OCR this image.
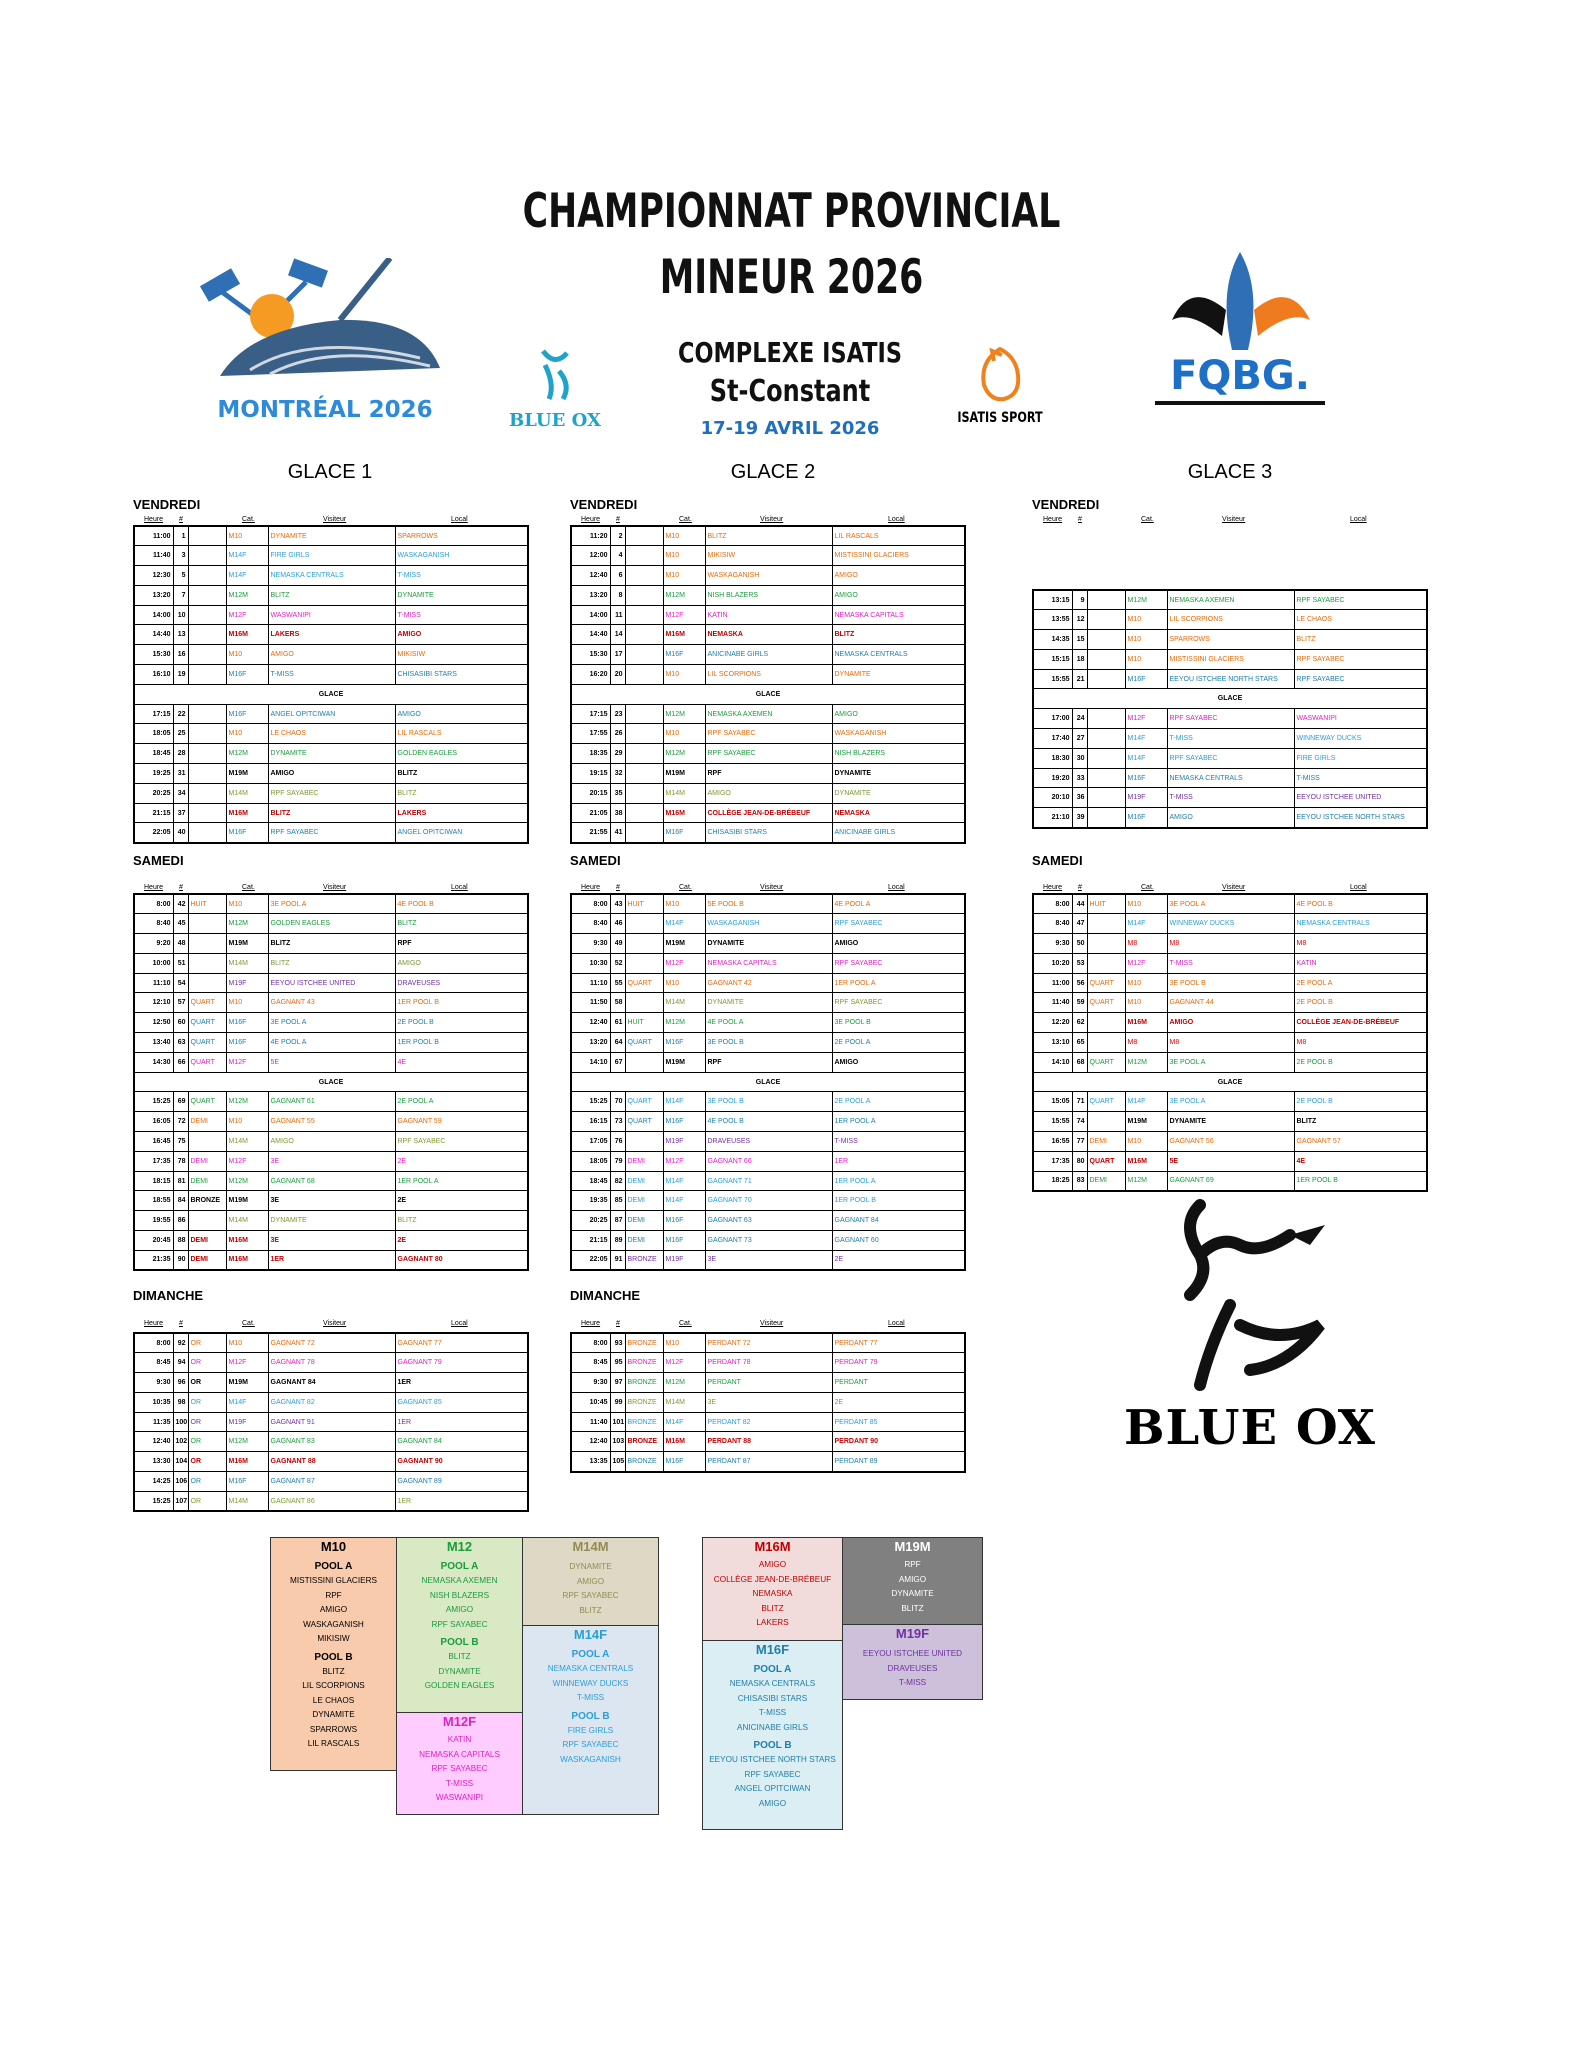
CHAMPIONNAT PROVINCIAL
MINEUR 2026
COMPLEXE ISATIS
St-Constant
17-19 AVRIL 2026
MONTRÉAL 2026	BLUE OX	ISATIS SPORT
FQBG.
GLACE 1	GLACE 2	GLACE 3
VENDREDI
Heure #	Cat.	Visiteur	Local
11:00	1		M10	DYNAMITE	SPARROWS
11:40	3		M14F	FIRE GIRLS	WASKAGANISH
12:30	5		M14F	NEMASKA CENTRALS	T-MISS
13:20	7		M12M	BLITZ	DYNAMITE
14:00	10		M12F	WASWANIPI	T-MISS
14:40	13		M16M	LAKERS	AMIGO
15:30	16		M10	AMIGO	MIKISIW
16:10	19		M16F	T-MISS	CHISASIBI STARS
GLACE					
17:15	22		M16F	ANGEL OPITCIWAN	AMIGO
18:05	25		M10	LE CHAOS	LIL RASCALS
18:45	28		M12M	DYNAMITE	GOLDEN EAGLES
19:25	31		M19M	AMIGO	BLITZ
20:25	34		M14M	RPF SAYABEC	BLITZ
21:15	37		M16M	BLITZ	LAKERS
22:05	40		M16F	RPF SAYABEC	ANGEL OPITCIWAN
SAMEDI
Heure #	Cat.	Visiteur	Local
8:00	42	HUIT	M10	3E POOL A	4E POOL B
8:40	45		M12M	GOLDEN EAGLES	BLITZ
9:20	48		M19M	BLITZ	RPF
10:00	51		M14M	BLITZ	AMIGO
11:10	54		M19F	EEYOU ISTCHEE UNITED	DRAVEUSES
12:10	57	QUART	M10	GAGNANT 43	1ER POOL B
12:50	60	QUART	M16F	3E POOL A	2E POOL B
13:40	63	QUART	M16F	4E POOL A	1ER POOL B
14:30	66	QUART	M12F	5E	4E
GLACE					
15:25	69	QUART	M12M	GAGNANT 61	2E POOL A
16:05	72	DEMI	M10	GAGNANT 55	GAGNANT 59
16:45	75		M14M	AMIGO	RPF SAYABEC
17:35	78	DEMI	M12F	3E	2E
18:15	81	DEMI	M12M	GAGNANT 68	1ER POOL A
18:55	84	BRONZE	M19M	3E	2E
19:55	86		M14M	DYNAMITE	BLITZ
20:45	88	DEMI	M16M	3E	2E
21:35	90	DEMI	M16M	1ER	GAGNANT 80
DIMANCHE
Heure #	Cat.	Visiteur	Local
8:00	92	OR	M10	GAGNANT 72	GAGNANT 77
8:45	94	OR	M12F	GAGNANT 78	GAGNANT 79
9:30	96	OR	M19M	GAGNANT 84	1ER
10:35	98	OR	M14F	GAGNANT 82	GAGNANT 85
11:35	100	OR	M19F	GAGNANT 91	1ER
12:40	102	OR	M12M	GAGNANT 83	GAGNANT 84
13:30	104	OR	M16M	GAGNANT 88	GAGNANT 90
14:25	106	OR	M16F	GAGNANT 87	GAGNANT 89
15:25	107	OR	M14M	GAGNANT 86	1ER
VENDREDI
Heure #	Cat.	Visiteur	Local
11:20	2		M10	BLITZ	LIL RASCALS
12:00	4		M10	MIKISIW	MISTISSINI GLACIERS
12:40	6		M10	WASKAGANISH	AMIGO
13:20	8		M12M	NISH BLAZERS	AMIGO
14:00	11		M12F	KATIN	NEMASKA CAPITALS
14:40	14		M16M	NEMASKA	BLITZ
15:30	17		M16F	ANICINABE GIRLS	NEMASKA CENTRALS
16:20	20		M10	LIL SCORPIONS	DYNAMITE
GLACE					
17:15	23		M12M	NEMASKA AXEMEN	AMIGO
17:55	26		M10	RPF SAYABEC	WASKAGANISH
18:35	29		M12M	RPF SAYABEC	NISH BLAZERS
19:15	32		M19M	RPF	DYNAMITE
20:15	35		M14M	AMIGO	DYNAMITE
21:05	38		M16M	COLLÈGE JEAN-DE-BRÉBEUF	NEMASKA
21:55	41		M16F	CHISASIBI STARS	ANICINABE GIRLS
SAMEDI
Heure #	Cat.	Visiteur	Local
8:00	43	HUIT	M10	5E POOL B	4E POOL A
8:40	46		M14F	WASKAGANISH	RPF SAYABEC
9:30	49		M19M	DYNAMITE	AMIGO
10:30	52		M12F	NEMASKA CAPITALS	RPF SAYABEC
11:10	55	QUART	M10	GAGNANT 42	1ER POOL A
11:50	58		M14M	DYNAMITE	RPF SAYABEC
12:40	61	HUIT	M12M	4E POOL A	3E POOL B
13:20	64	QUART	M16F	3E POOL B	2E POOL A
14:10	67		M19M	RPF	AMIGO
GLACE					
15:25	70	QUART	M14F	3E POOL B	2E POOL A
16:15	73	QUART	M16F	4E POOL B	1ER POOL A
17:05	76		M19F	DRAVEUSES	T-MISS
18:05	79	DEMI	M12F	GAGNANT 66	1ER
18:45	82	DEMI	M14F	GAGNANT 71	1ER POOL A
19:35	85	DEMI	M14F	GAGNANT 70	1ER POOL B
20:25	87	DEMI	M16F	GAGNANT 63	GAGNANT 84
21:15	89	DEMI	M16F	GAGNANT 73	GAGNANT 60
22:05	91	BRONZE	M19F	3E	2E
DIMANCHE
Heure #	Cat.	Visiteur	Local
8:00	93	BRONZE	M10	PERDANT 72	PERDANT 77
8:45	95	BRONZE	M12F	PERDANT 78	PERDANT 79
9:30	97	BRONZE	M12M	PERDANT	PERDANT
10:45	99	BRONZE	M14M	3E	2E
11:40	101	BRONZE	M14F	PERDANT 82	PERDANT 85
12:40	103	BRONZE	M16M	PERDANT 88	PERDANT 90
13:35	105	BRONZE	M16F	PERDANT 87	PERDANT 89
VENDREDI
Heure #	Cat.	Visiteur	Local
13:15	9		M12M	NEMASKA AXEMEN	RPF SAYABEC
13:55	12		M10	LIL SCORPIONS	LE CHAOS
14:35	15		M10	SPARROWS	BLITZ
15:15	18		M10	MISTISSINI GLACIERS	RPF SAYABEC
15:55	21		M16F	EEYOU ISTCHEE NORTH STARS	RPF SAYABEC
GLACE					
17:00	24		M12F	RPF SAYABEC	WASWANIPI
17:40	27		M14F	T-MISS	WINNEWAY DUCKS
18:30	30		M14F	RPF SAYABEC	FIRE GIRLS
19:20	33		M16F	NEMASKA CENTRALS	T-MISS
20:10	36		M19F	T-MISS	EEYOU ISTCHEE UNITED
21:10	39		M16F	AMIGO	EEYOU ISTCHEE NORTH STARS
SAMEDI
Heure #	Cat.	Visiteur	Local
8:00	44	HUIT	M10	3E POOL A	4E POOL B
8:40	47		M14F	WINNEWAY DUCKS	NEMASKA CENTRALS
9:30	50		M8	M8	M8
10:20	53		M12F	T-MISS	KATIN
11:00	56	QUART	M10	3E POOL B	2E POOL A
11:40	59	QUART	M10	GAGNANT 44	2E POOL B
12:20	62		M16M	AMIGO	COLLÈGE JEAN-DE-BRÉBEUF
13:10	65		M8	M8	M8
14:10	68	QUART	M12M	3E POOL A	2E POOL B
GLACE					
15:05	71	QUART	M14F	3E POOL A	2E POOL B
15:55	74		M19M	DYNAMITE	BLITZ
16:55	77	DEMI	M10	GAGNANT 56	GAGNANT 57
17:35	80	QUART	M16M	5E	4E
18:25	83	DEMI	M12M	GAGNANT 69	1ER POOL B
M10
POOL A
MISTISSINI GLACIERS
RPF
AMIGO
WASKAGANISH
MIKISIW
POOL B
BLITZ
LIL SCORPIONS
LE CHAOS
DYNAMITE
SPARROWS
LIL RASCALS
M12
POOL A
NEMASKA AXEMEN
NISH BLAZERS
AMIGO
RPF SAYABEC
POOL B
BLITZ
DYNAMITE
GOLDEN EAGLES
M14M
DYNAMITE
AMIGO
RPF SAYABEC
BLITZ
M14F
POOL A
NEMASKA CENTRALS
WINNEWAY DUCKS
T-MISS
POOL B
FIRE GIRLS
RPF SAYABEC
WASKAGANISH
M12F
KATIN
NEMASKA CAPITALS
RPF SAYABEC
T-MISS
WASWANIPI
M16M
AMIGO
COLLÈGE JEAN-DE-BRÉBEUF
NEMASKA
BLITZ
LAKERS
M19M
RPF
AMIGO
DYNAMITE
BLITZ
M19F
EEYOU ISTCHEE UNITED
DRAVEUSES
T-MISS
M16F
POOL A
NEMASKA CENTRALS
CHISASIBI STARS
T-MISS
ANICINABE GIRLS
POOL B
EEYOU ISTCHEE NORTH STARS
RPF SAYABEC
ANGEL OPITCIWAN
AMIGO
BLUE OX
